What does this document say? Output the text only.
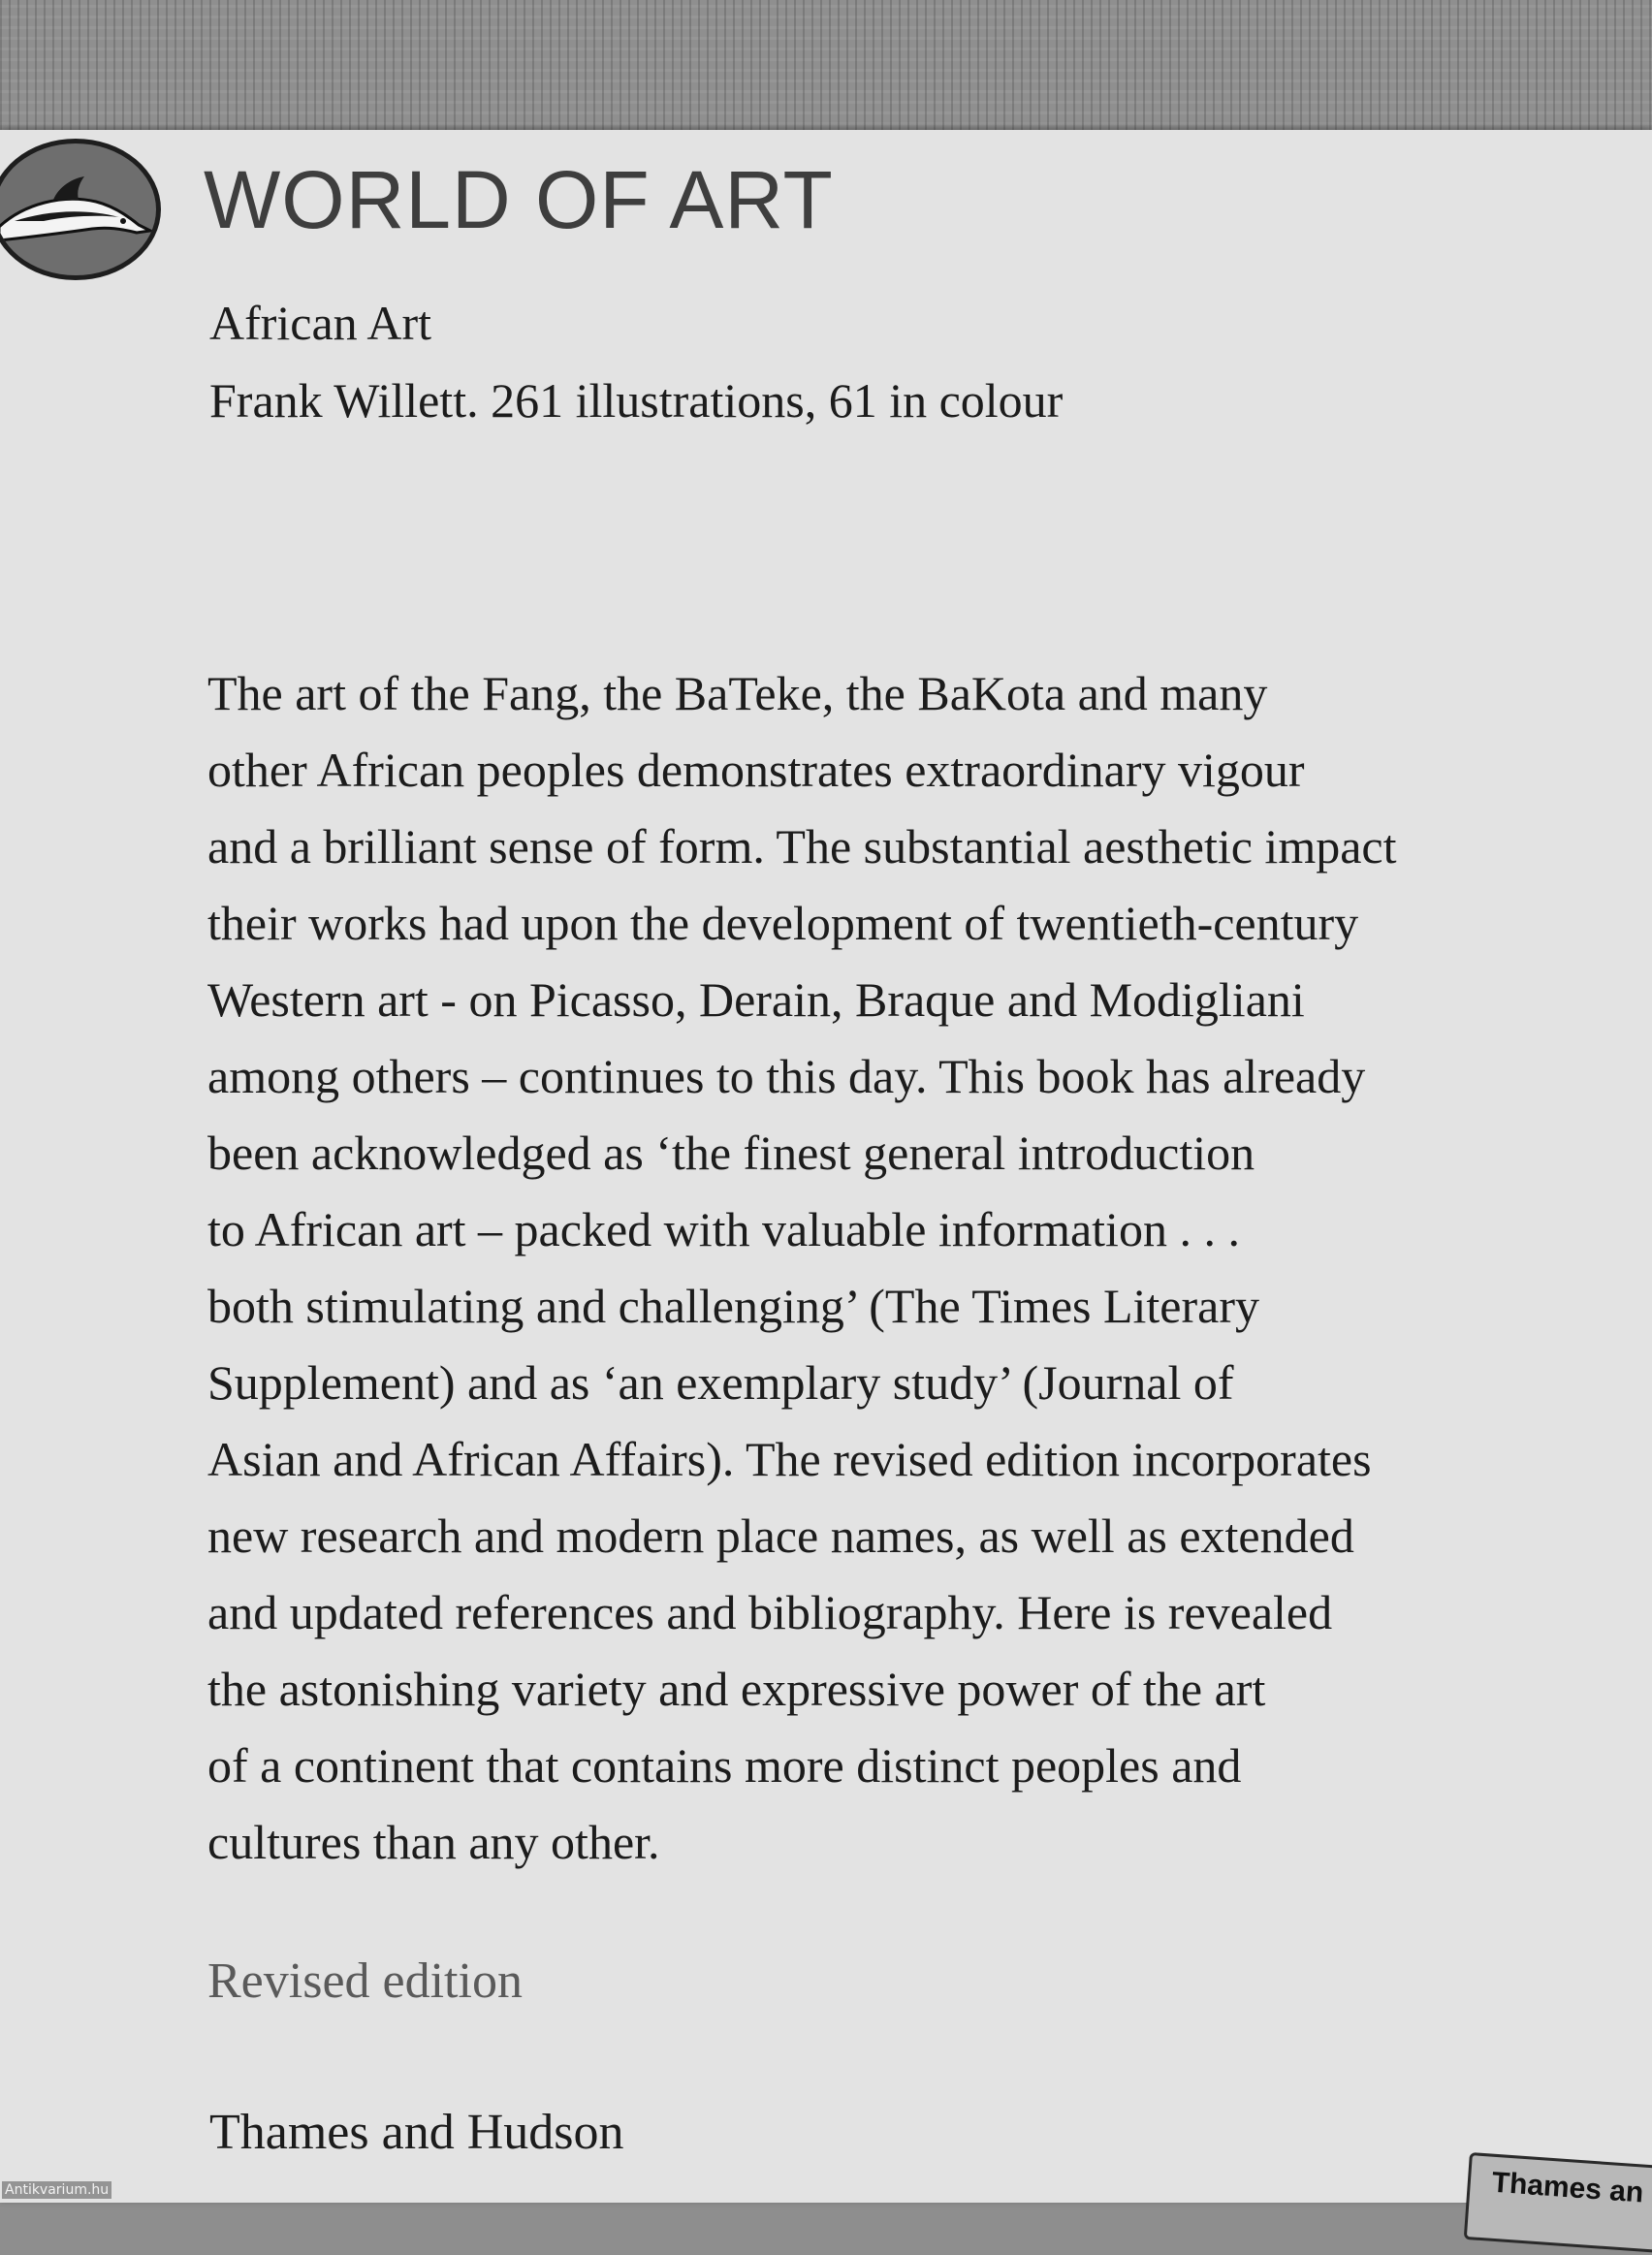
WORLD OF ART
African Art
Frank Willett. 261 illustrations, 61 in colour
The art of the Fang, the BaTeke, the BaKota and many
other African peoples demonstrates extraordinary vigour
and a brilliant sense of form. The substantial aesthetic impact
their works had upon the development of twentieth-century
Western art - on Picasso, Derain, Braque and Modigliani
among others – continues to this day. This book has already
been acknowledged as ‘the finest general introduction
to African art – packed with valuable information . . .
both stimulating and challenging’ (The Times Literary
Supplement) and as ‘an exemplary study’ (Journal of
Asian and African Affairs). The revised edition incorporates
new research and modern place names, as well as extended
and updated references and bibliography. Here is revealed
the astonishing variety and expressive power of the art
of a continent that contains more distinct peoples and
cultures than any other.
Revised edition
Thames and Hudson
Thames an
Antikvarium.hu
